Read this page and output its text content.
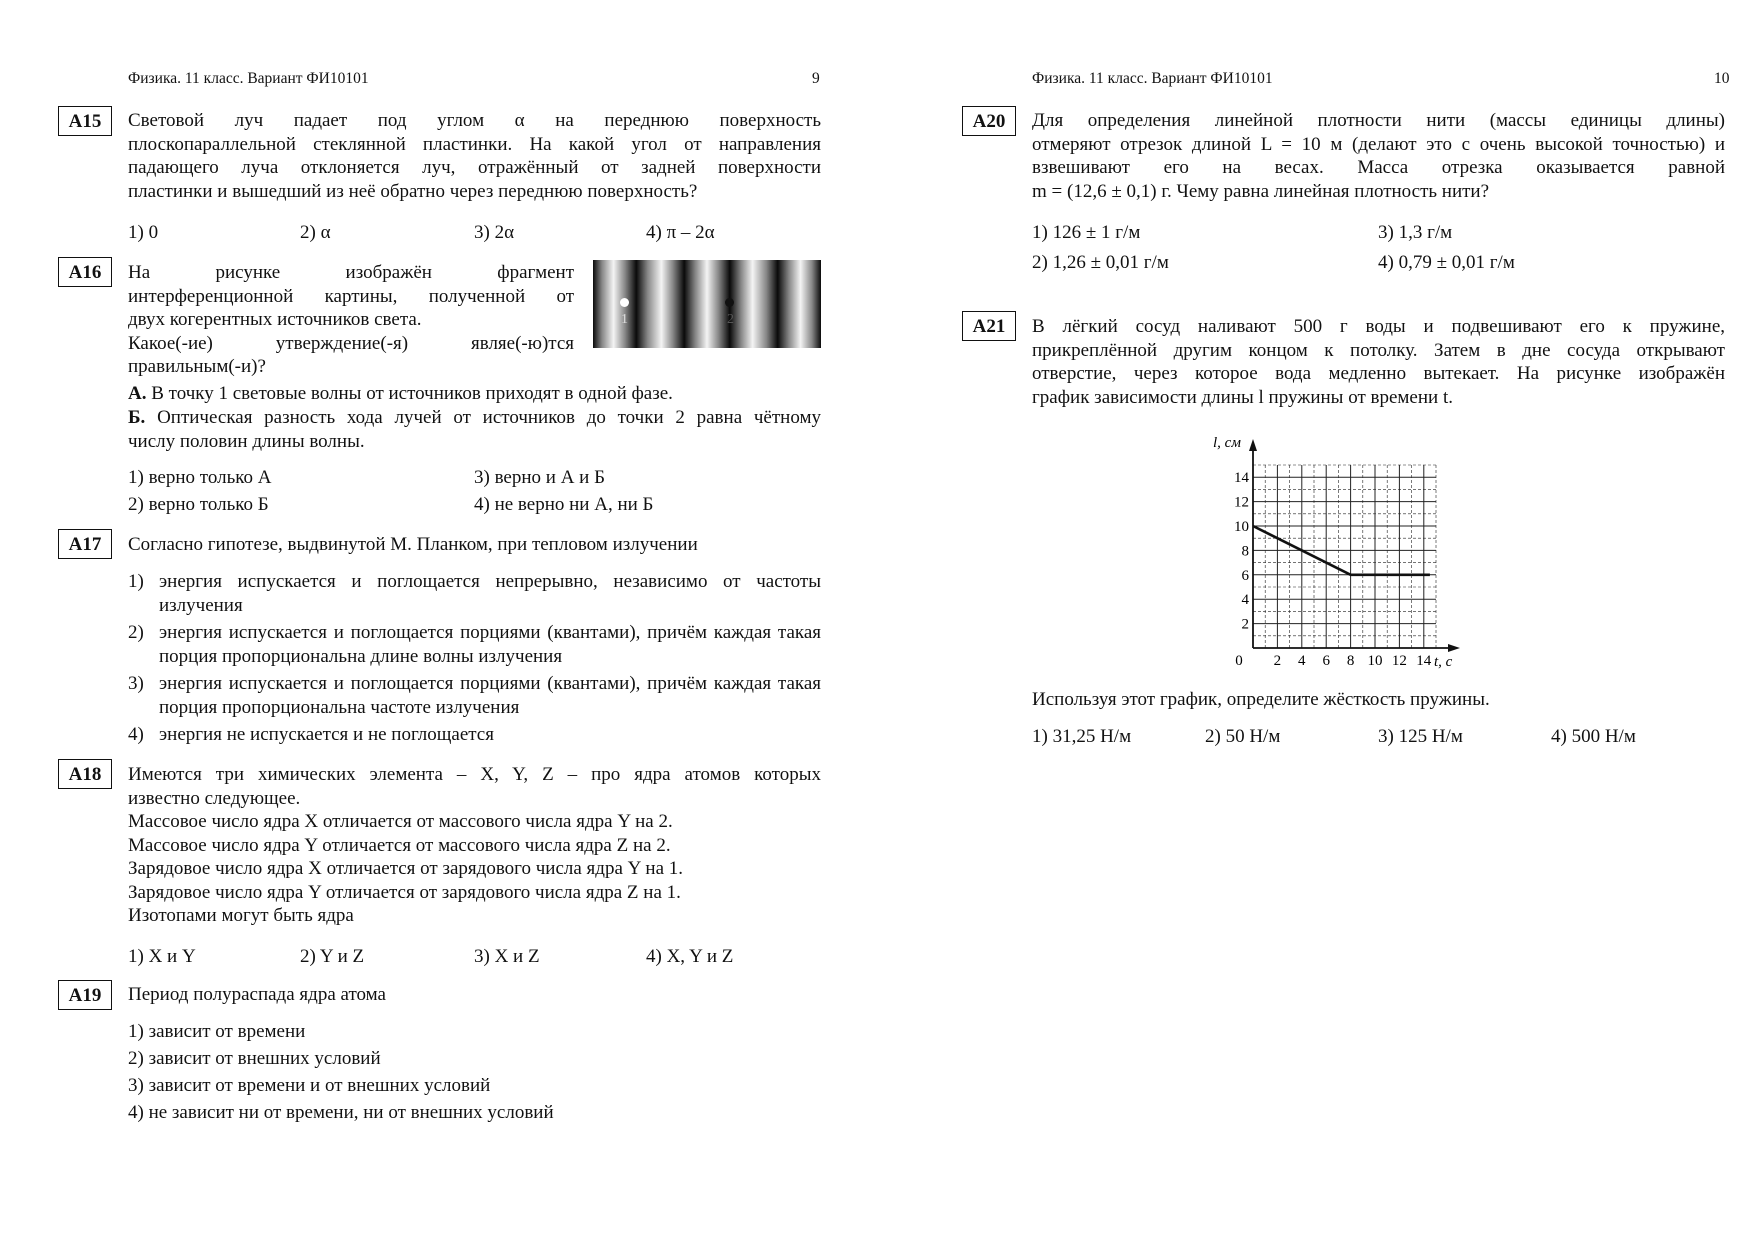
Физика. 11 класс. Вариант ФИ10101	9
A15	Световой луч падает под углом α на переднюю поверхность
плоскопараллельной стеклянной пластинки. На какой угол от направления
падающего луча отклоняется луч, отражённый от задней поверхности
пластинки и вышедший из неё обратно через переднюю поверхность?
1) 0	2) α	3) 2α	4) π – 2α
A16	На рисунке изображён фрагмент
интерференционной картины, полученной от
двух когерентных источников света.
Какое(-ие) утверждение(-я) являе(-ю)тся
правильным(-и)?
1	2
А. В точку 1 световые волны от источников приходят в одной фазе.
Б. Оптическая разность хода лучей от источников до точки 2 равна чётному
числу половин длины волны.
1) верно только А	3) верно и А и Б
2) верно только Б	4) не верно ни А, ни Б
A17	Согласно гипотезе, выдвинутой М. Планком, при тепловом излучении
1) энергия испускается и поглощается непрерывно, независимо от частоты излучения
2) энергия испускается и поглощается порциями (квантами), причём каждая такая порция пропорциональна длине волны излучения
3) энергия испускается и поглощается порциями (квантами), причём каждая такая порция пропорциональна частоте излучения
4) энергия не испускается и не поглощается
A18	Имеются три химических элемента – X, Y, Z – про ядра атомов которых
известно следующее.
Массовое число ядра X отличается от массового числа ядра Y на 2.
Массовое число ядра Y отличается от массового числа ядра Z на 2.
Зарядовое число ядра X отличается от зарядового числа ядра Y на 1.
Зарядовое число ядра Y отличается от зарядового числа ядра Z на 1.
Изотопами могут быть ядра
1) X и Y	2) Y и Z	3) X и Z	4) X, Y и Z
A19	Период полураспада ядра атома
1) зависит от времени
2) зависит от внешних условий
3) зависит от времени и от внешних условий
4) не зависит ни от времени, ни от внешних условий
Физика. 11 класс. Вариант ФИ10101	10
A20	Для определения линейной плотности нити (массы единицы длины)
отмеряют отрезок длиной L = 10 м (делают это с очень высокой точностью) и
взвешивают его на весах. Масса отрезка оказывается равной
m = (12,6 ± 0,1) г. Чему равна линейная плотность нити?
1) 126 ± 1 г/м	3) 1,3 г/м
2) 1,26 ± 0,01 г/м	4) 0,79 ± 0,01 г/м
A21	В лёгкий сосуд наливают 500 г воды и подвешивают его к пружине,
прикреплённой другим концом к потолку. Затем в дне сосуда открывают
отверстие, через которое вода медленно вытекает. На рисунке изображён
график зависимости длины l пружины от времени t.
0 2 4 6 8 10 12 14
2
4
6
8
10
12
14
l, см
t, с
Используя этот график, определите жёсткость пружины.
1) 31,25 Н/м	2) 50 Н/м	3) 125 Н/м	4) 500 Н/м
